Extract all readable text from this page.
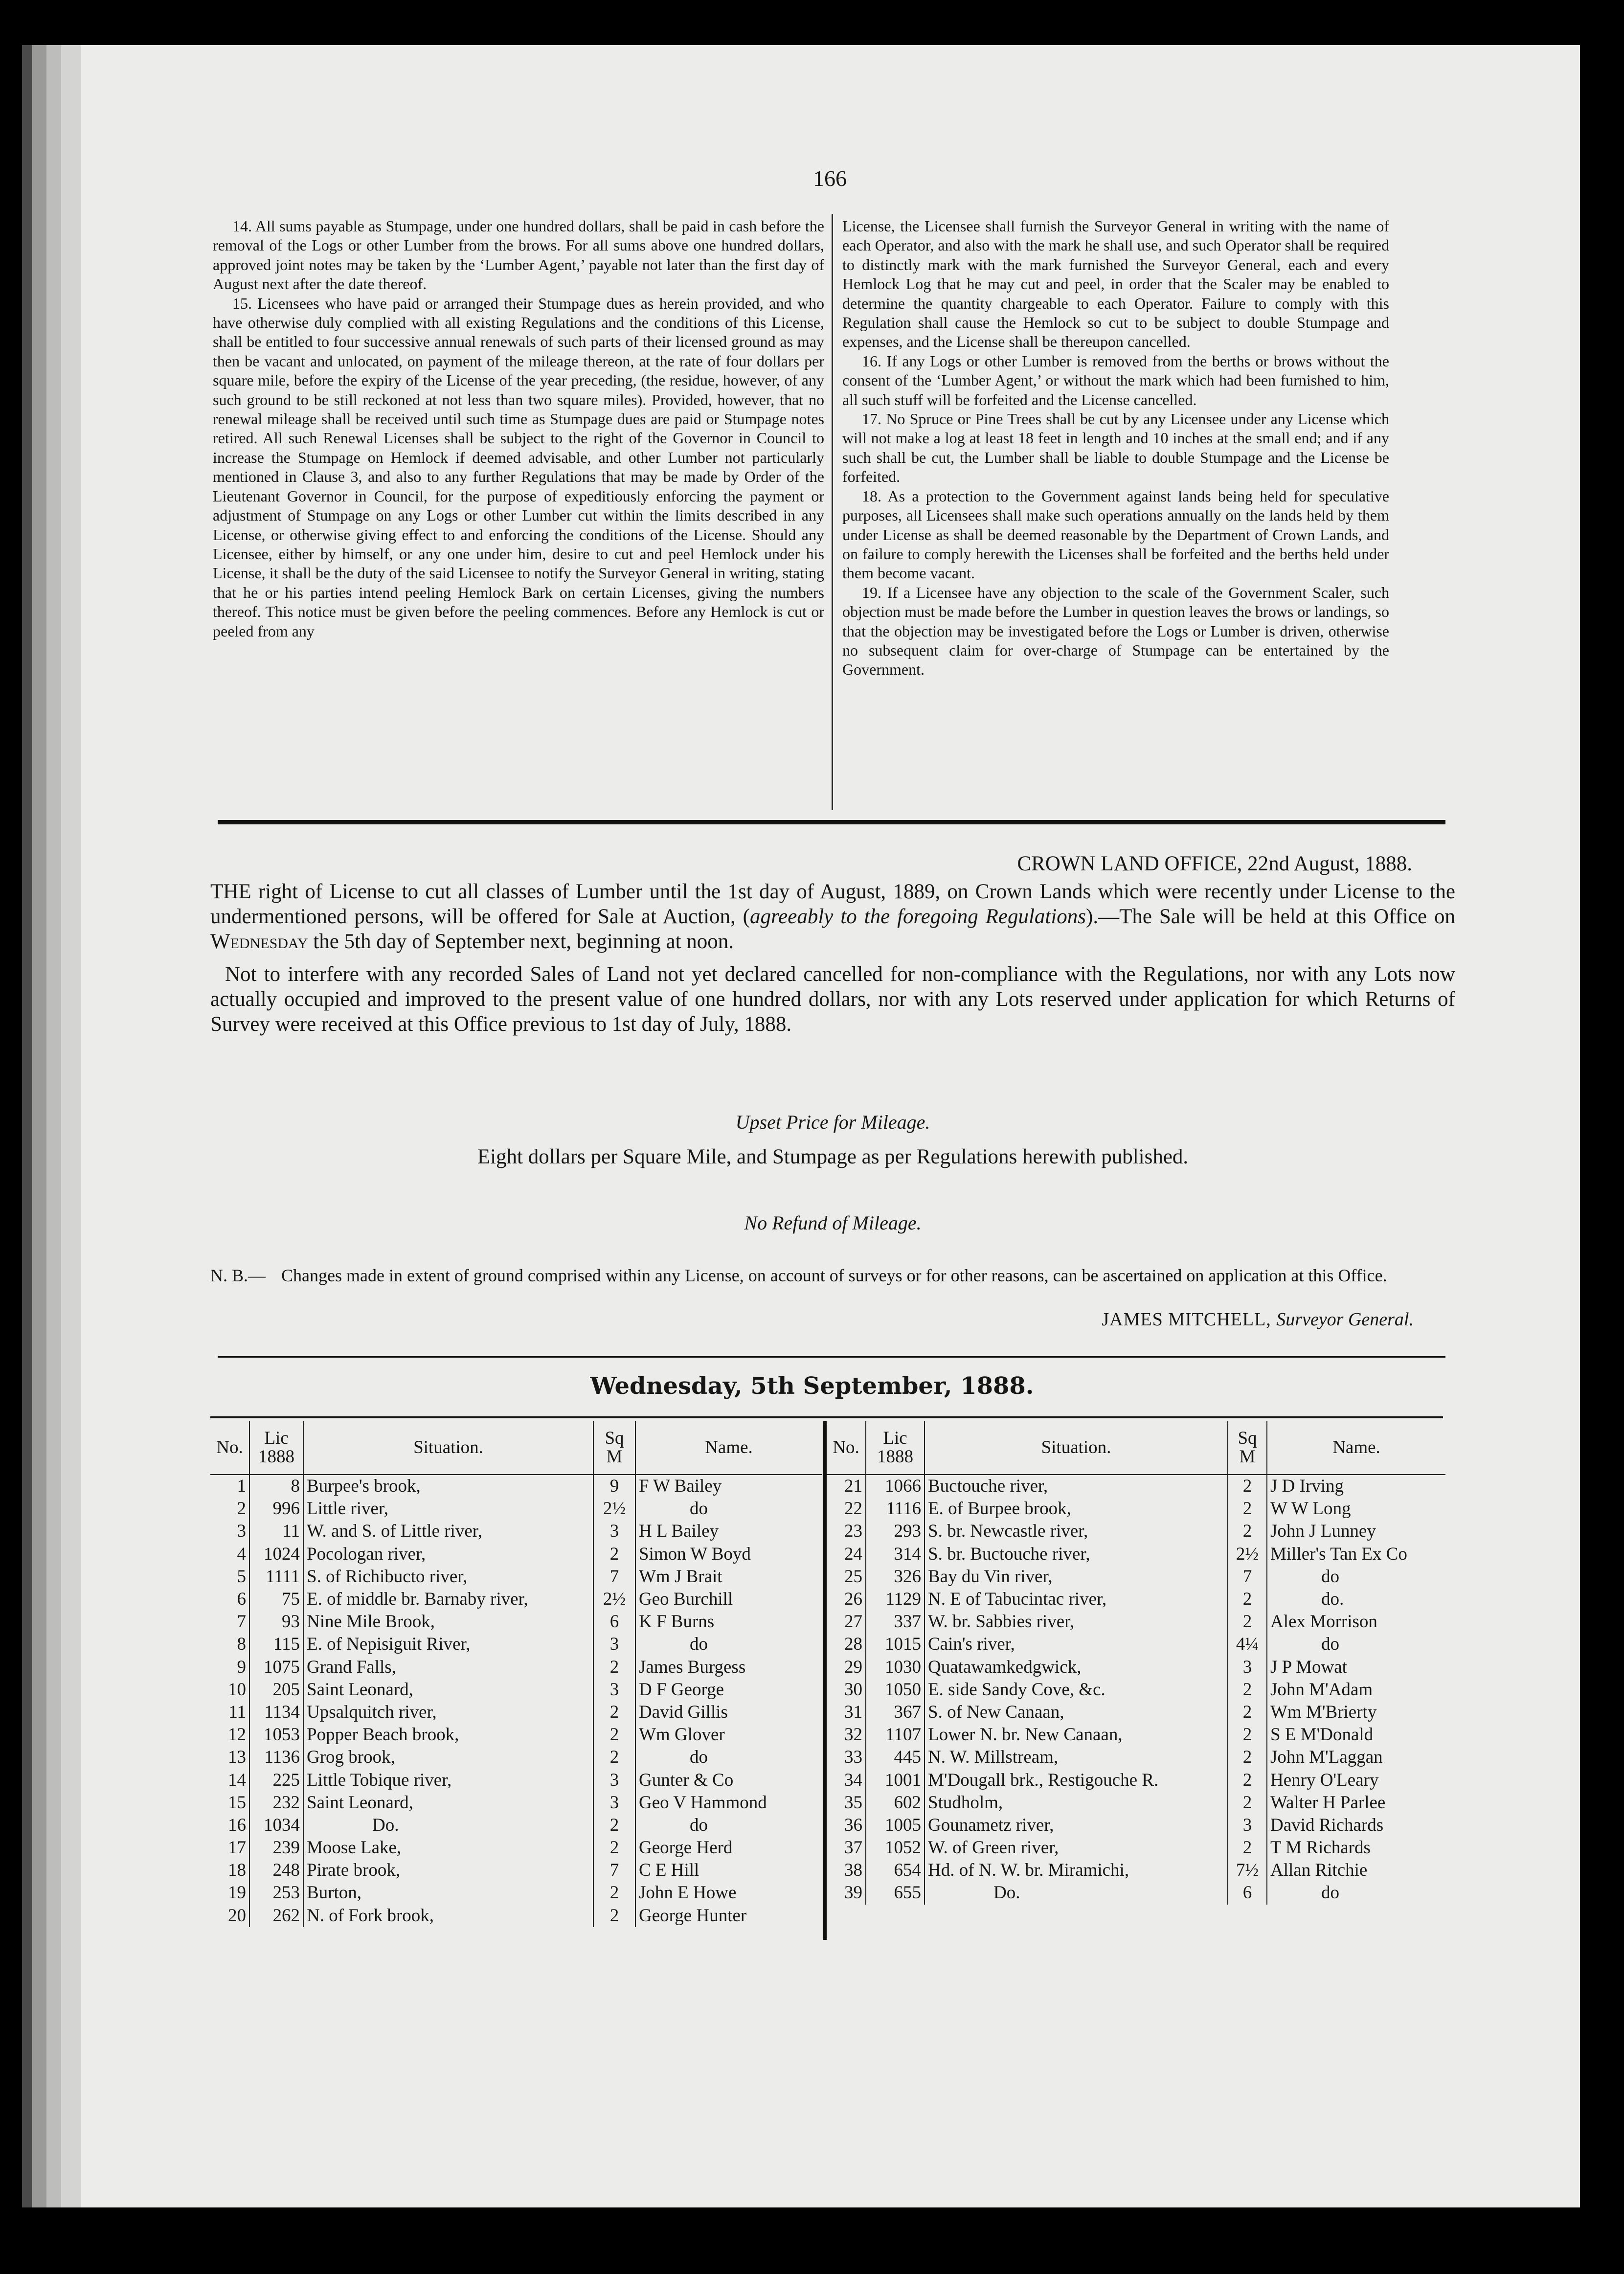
166

14. All sums payable as Stumpage, under one hundred dollars, shall be paid in cash before the removal of the Logs or other Lumber from the brows. For all sums above one hundred dollars, approved joint notes may be taken by the ‘Lumber Agent,’ payable not later than the first day of August next after the date thereof.

15. Licensees who have paid or arranged their Stumpage dues as herein provided, and who have otherwise duly complied with all existing Regulations and the conditions of this License, shall be entitled to four successive annual renewals of such parts of their licensed ground as may then be vacant and unlocated, on payment of the mileage thereon, at the rate of four dollars per square mile, before the expiry of the License of the year preceding, (the residue, however, of any such ground to be still reckoned at not less than two square miles). Provided, however, that no renewal mileage shall be received until such time as Stumpage dues are paid or Stumpage notes retired. All such Renewal Licenses shall be subject to the right of the Governor in Council to increase the Stumpage on Hemlock if deemed advisable, and other Lumber not particularly mentioned in Clause 3, and also to any further Regulations that may be made by Order of the Lieutenant Governor in Council, for the purpose of expeditiously enforcing the payment or adjustment of Stumpage on any Logs or other Lumber cut within the limits described in any License, or otherwise giving effect to and enforcing the conditions of the License. Should any Licensee, either by himself, or any one under him, desire to cut and peel Hemlock under his License, it shall be the duty of the said Licensee to notify the Surveyor General in writing, stating that he or his parties intend peeling Hemlock Bark on certain Licenses, giving the numbers thereof. This notice must be given before the peeling commences. Before any Hemlock is cut or peeled from any

License, the Licensee shall furnish the Surveyor General in writing with the name of each Operator, and also with the mark he shall use, and such Operator shall be required to distinctly mark with the mark furnished the Surveyor General, each and every Hemlock Log that he may cut and peel, in order that the Scaler may be enabled to determine the quantity chargeable to each Operator. Failure to comply with this Regulation shall cause the Hemlock so cut to be subject to double Stumpage and expenses, and the License shall be thereupon cancelled.

16. If any Logs or other Lumber is removed from the berths or brows without the consent of the ‘Lumber Agent,’ or without the mark which had been furnished to him, all such stuff will be forfeited and the License cancelled.

17. No Spruce or Pine Trees shall be cut by any Licensee under any License which will not make a log at least 18 feet in length and 10 inches at the small end; and if any such shall be cut, the Lumber shall be liable to double Stumpage and the License be forfeited.

18. As a protection to the Government against lands being held for speculative purposes, all Licensees shall make such operations annually on the lands held by them under License as shall be deemed reasonable by the Department of Crown Lands, and on failure to comply herewith the Licenses shall be forfeited and the berths held under them become vacant.

19. If a Licensee have any objection to the scale of the Government Scaler, such objection must be made before the Lumber in question leaves the brows or landings, so that the objection may be investigated before the Logs or Lumber is driven, otherwise no subsequent claim for over-charge of Stumpage can be entertained by the Government.

CROWN LAND OFFICE, 22nd August, 1888.

THE right of License to cut all classes of Lumber until the 1st day of August, 1889, on Crown Lands which were recently under License to the undermentioned persons, will be offered for Sale at Auction, (agreeably to the foregoing Regulations).—The Sale will be held at this Office on Wednesday the 5th day of September next, beginning at noon.

Not to interfere with any recorded Sales of Land not yet declared cancelled for non-compliance with the Regulations, nor with any Lots now actually occupied and improved to the present value of one hundred dollars, nor with any Lots reserved under application for which Returns of Survey were received at this Office previous to 1st day of July, 1888.

Upset Price for Mileage.
Eight dollars per Square Mile, and Stumpage as per Regulations herewith published.
No Refund of Mileage.
N. B.— Changes made in extent of ground comprised within any License, on account of surveys or for other reasons, can be ascertained on application at this Office.
JAMES MITCHELL, Surveyor General.
Wednesday, 5th September, 1888.
No.	Lic
1888	Situation.	Sq
M	Name.
1	8	Burpee's brook,	9	F W Bailey
2	996	Little river,	2½	do
3	11	W. and S. of Little river,	3	H L Bailey
4	1024	Pocologan river,	2	Simon W Boyd
5	1111	S. of Richibucto river,	7	Wm J Brait
6	75	E. of middle br. Barnaby river,	2½	Geo Burchill
7	93	Nine Mile Brook,	6	K F Burns
8	115	E. of Nepisiguit River,	3	do
9	1075	Grand Falls,	2	James Burgess
10	205	Saint Leonard,	3	D F George
11	1134	Upsalquitch river,	2	David Gillis
12	1053	Popper Beach brook,	2	Wm Glover
13	1136	Grog brook,	2	do
14	225	Little Tobique river,	3	Gunter & Co
15	232	Saint Leonard,	3	Geo V Hammond
16	1034	Do.	2	do
17	239	Moose Lake,	2	George Herd
18	248	Pirate brook,	7	C E Hill
19	253	Burton,	2	John E Howe
20	262	N. of Fork brook,	2	George Hunter
No.	Lic
1888	Situation.	Sq
M	Name.
21	1066	Buctouche river,	2	J D Irving
22	1116	E. of Burpee brook,	2	W W Long
23	293	S. br. Newcastle river,	2	John J Lunney
24	314	S. br. Buctouche river,	2½	Miller's Tan Ex Co
25	326	Bay du Vin river,	7	do
26	1129	N. E of Tabucintac river,	2	do.
27	337	W. br. Sabbies river,	2	Alex Morrison
28	1015	Cain's river,	4¼	do
29	1030	Quatawamkedgwick,	3	J P Mowat
30	1050	E. side Sandy Cove, &c.	2	John M'Adam
31	367	S. of New Canaan,	2	Wm M'Brierty
32	1107	Lower N. br. New Canaan,	2	S E M'Donald
33	445	N. W. Millstream,	2	John M'Laggan
34	1001	M'Dougall brk., Restigouche R.	2	Henry O'Leary
35	602	Studholm,	2	Walter H Parlee
36	1005	Gounametz river,	3	David Richards
37	1052	W. of Green river,	2	T M Richards
38	654	Hd. of N. W. br. Miramichi,	7½	Allan Ritchie
39	655	Do.	6	do
